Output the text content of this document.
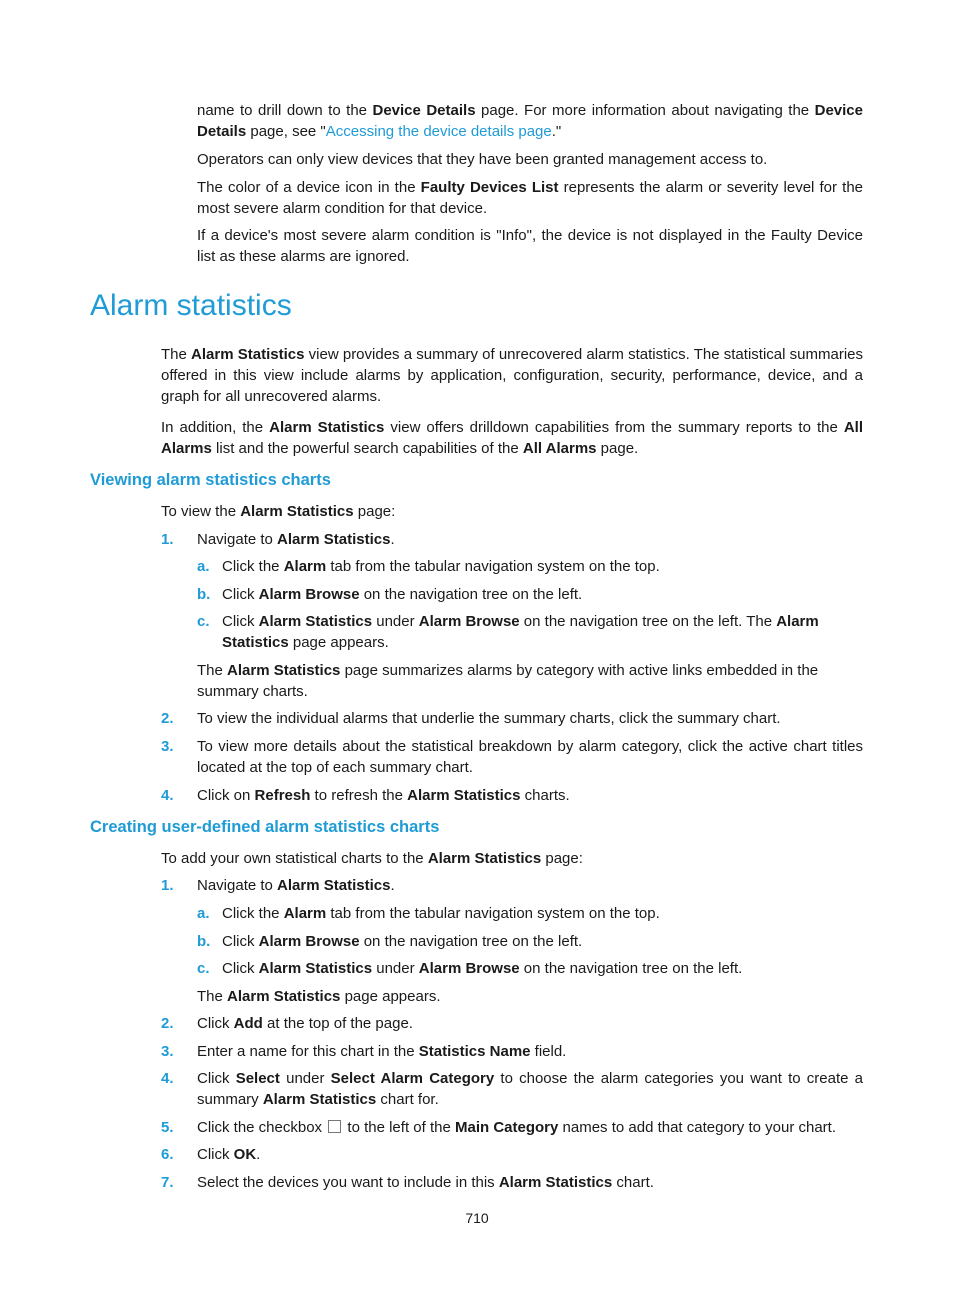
name to drill down to the Device Details page. For more information about navigating the Device Details page, see "Accessing the device details page."

Operators can only view devices that they have been granted management access to.

The color of a device icon in the Faulty Devices List represents the alarm or severity level for the most severe alarm condition for that device.

If a device's most severe alarm condition is "Info", the device is not displayed in the Faulty Device list as these alarms are ignored.

Alarm statistics

The Alarm Statistics view provides a summary of unrecovered alarm statistics. The statistical summaries offered in this view include alarms by application, configuration, security, performance, device, and a graph for all unrecovered alarms.

In addition, the Alarm Statistics view offers drilldown capabilities from the summary reports to the All Alarms list and the powerful search capabilities of the All Alarms page.

Viewing alarm statistics charts

To view the Alarm Statistics page:

1. Navigate to Alarm Statistics.

a. Click the Alarm tab from the tabular navigation system on the top.

b. Click Alarm Browse on the navigation tree on the left.

c. Click Alarm Statistics under Alarm Browse on the navigation tree on the left. The Alarm Statistics page appears.

The Alarm Statistics page summarizes alarms by category with active links embedded in the summary charts.

2. To view the individual alarms that underlie the summary charts, click the summary chart.

3. To view more details about the statistical breakdown by alarm category, click the active chart titles located at the top of each summary chart.

4. Click on Refresh to refresh the Alarm Statistics charts.

Creating user-defined alarm statistics charts

To add your own statistical charts to the Alarm Statistics page:

1. Navigate to Alarm Statistics.

a. Click the Alarm tab from the tabular navigation system on the top.

b. Click Alarm Browse on the navigation tree on the left.

c. Click Alarm Statistics under Alarm Browse on the navigation tree on the left.

The Alarm Statistics page appears.

2. Click Add at the top of the page.

3. Enter a name for this chart in the Statistics Name field.

4. Click Select under Select Alarm Category to choose the alarm categories you want to create a summary Alarm Statistics chart for.

5. Click the checkbox  to the left of the Main Category names to add that category to your chart.

6. Click OK.

7. Select the devices you want to include in this Alarm Statistics chart.

710
